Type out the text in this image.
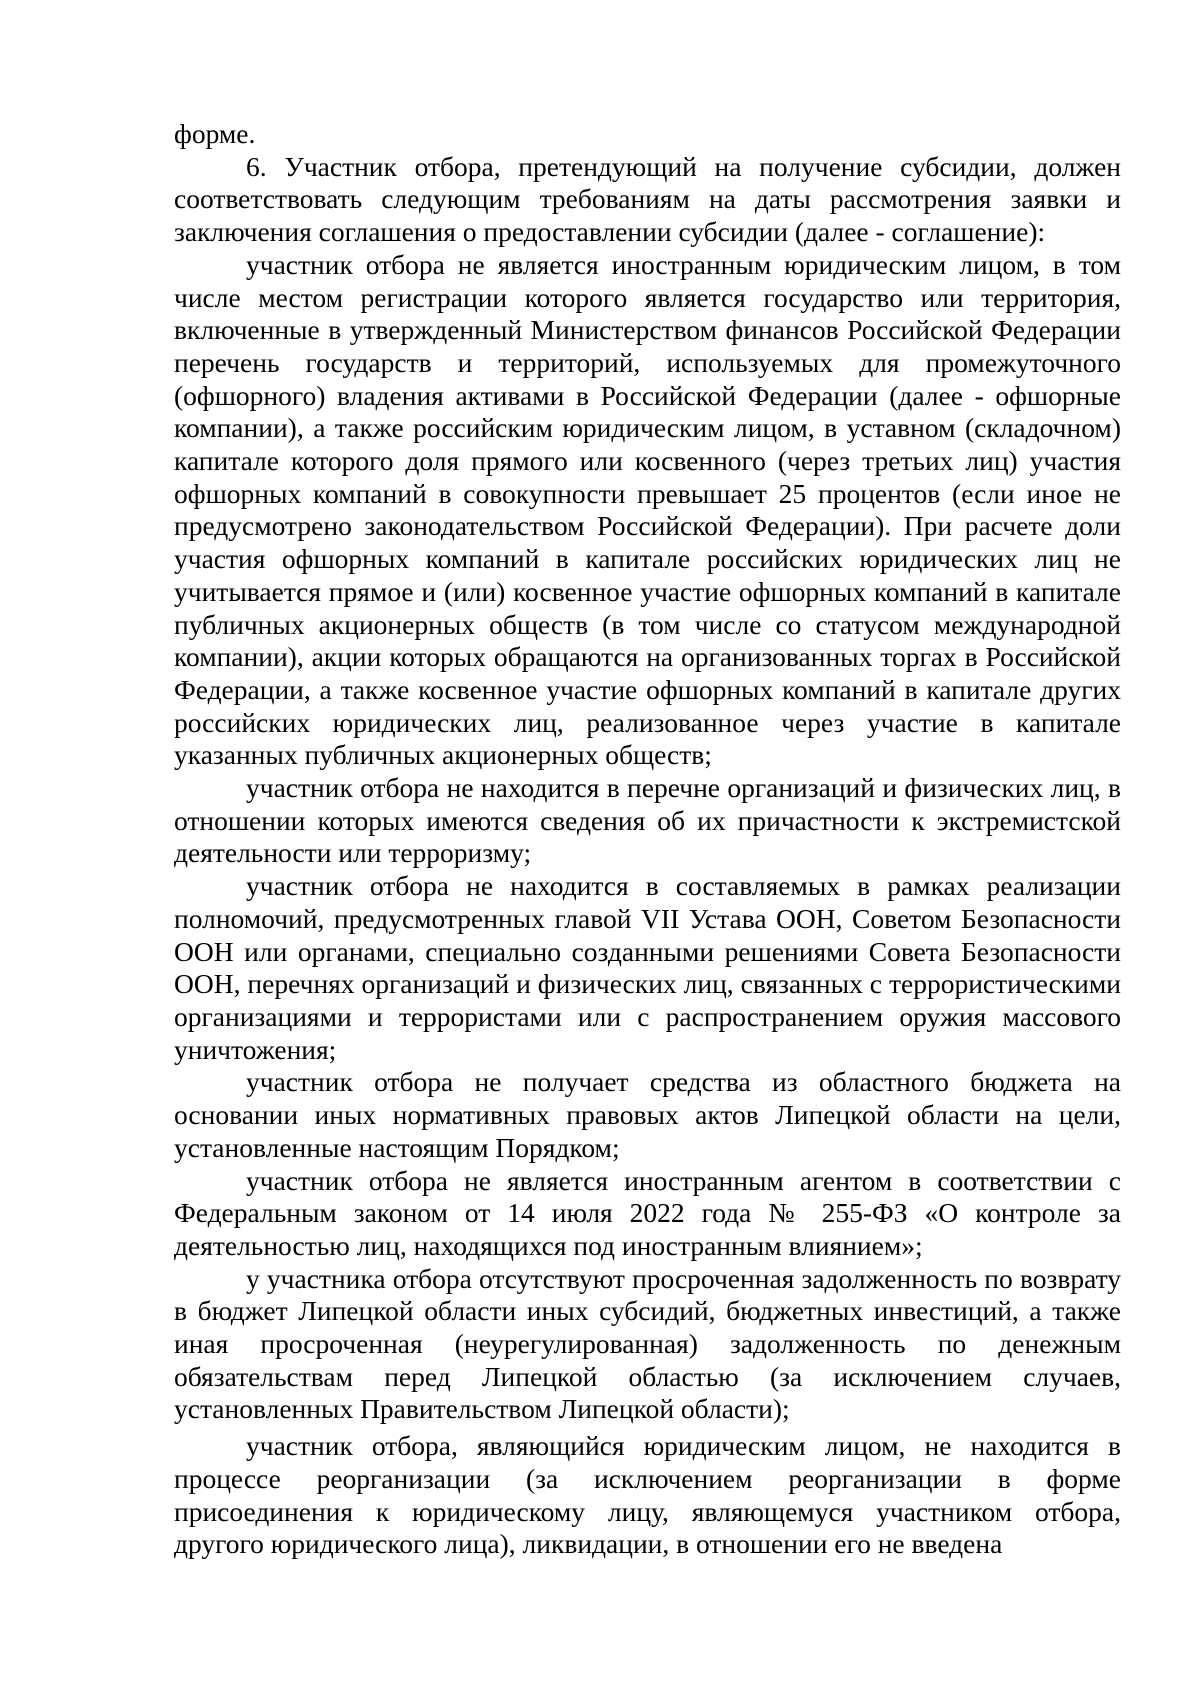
форме.

6. Участник отбора, претендующий на получение субсидии, должен соответствовать следующим требованиям на даты рассмотрения заявки и заключения соглашения о предоставлении субсидии (далее - соглашение):

участник отбора не является иностранным юридическим лицом, в том числе местом регистрации которого является государство или территория, включенные в утвержденный Министерством финансов Российской Федерации перечень государств и территорий, используемых для промежуточного (офшорного) владения активами в Российской Федерации (далее - офшорные компании), а также российским юридическим лицом, в уставном (складочном) капитале которого доля прямого или косвенного (через третьих лиц) участия офшорных компаний в совокупности превышает 25 процентов (если иное не предусмотрено законодательством Российской Федерации). При расчете доли участия офшорных компаний в капитале российских юридических лиц не учитывается прямое и (или) косвенное участие офшорных компаний в капитале публичных акционерных обществ (в том числе со статусом международной компании), акции которых обращаются на организованных торгах в Российской Федерации, а также косвенное участие офшорных компаний в капитале других российских юридических лиц, реализованное через участие в капитале указанных публичных акционерных обществ;

участник отбора не находится в перечне организаций и физических лиц, в отношении которых имеются сведения об их причастности к экстремистской деятельности или терроризму;

участник отбора не находится в составляемых в рамках реализации полномочий, предусмотренных главой VII Устава ООН, Советом Безопасности ООН или органами, специально созданными решениями Совета Безопасности ООН, перечнях организаций и физических лиц, связанных с террористическими организациями и террористами или с распространением оружия массового уничтожения;

участник отбора не получает средства из областного бюджета на основании иных нормативных правовых актов Липецкой области на цели, установленные настоящим Порядком;

участник отбора не является иностранным агентом в соответствии с Федеральным законом от 14 июля 2022 года № 255-ФЗ «О контроле за деятельностью лиц, находящихся под иностранным влиянием»;

у участника отбора отсутствуют просроченная задолженность по возврату в бюджет Липецкой области иных субсидий, бюджетных инвестиций, а также иная просроченная (неурегулированная) задолженность по денежным обязательствам перед Липецкой областью (за исключением случаев, установленных Правительством Липецкой области);

участник отбора, являющийся юридическим лицом, не находится в процессе реорганизации (за исключением реорганизации в форме присоединения к юридическому лицу, являющемуся участником отбора, другого юридического лица), ликвидации, в отношении его не введена
